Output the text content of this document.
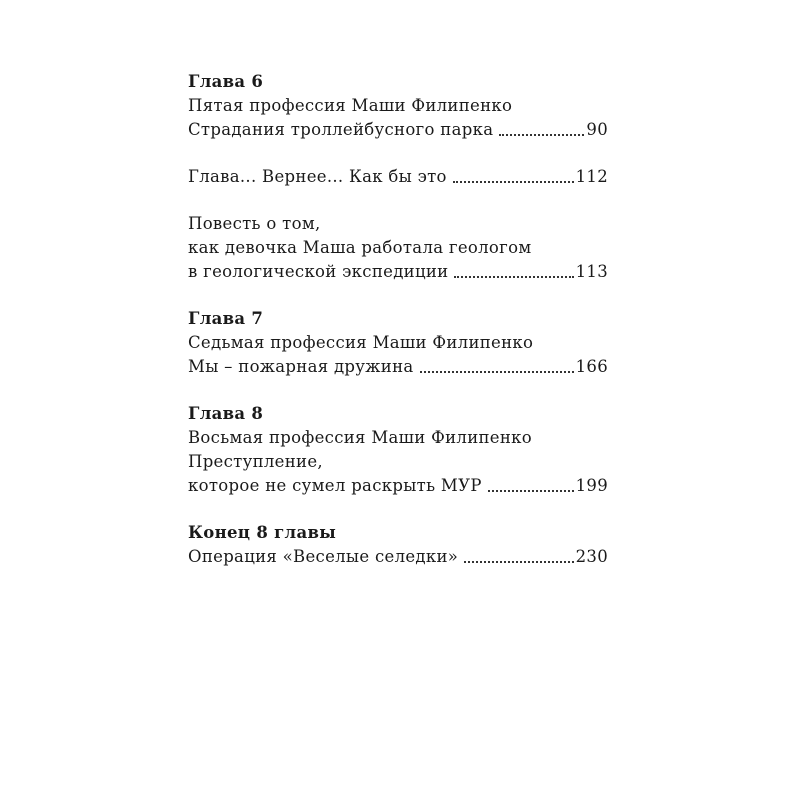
Глава 6
Пятая профессия Маши Филипенко
Страдания троллейбусного парка	90
Глава... Вернее... Как бы это	112
Повесть о том,
как девочка Маша работала геологом
в геологической экспедиции	113
Глава 7
Седьмая профессия Маши Филипенко
Мы – пожарная дружина	166
Глава 8
Восьмая профессия Маши Филипенко
Преступление,
которое не сумел раскрыть МУР	199
Конец 8 главы
Операция «Веселые селедки»	230
